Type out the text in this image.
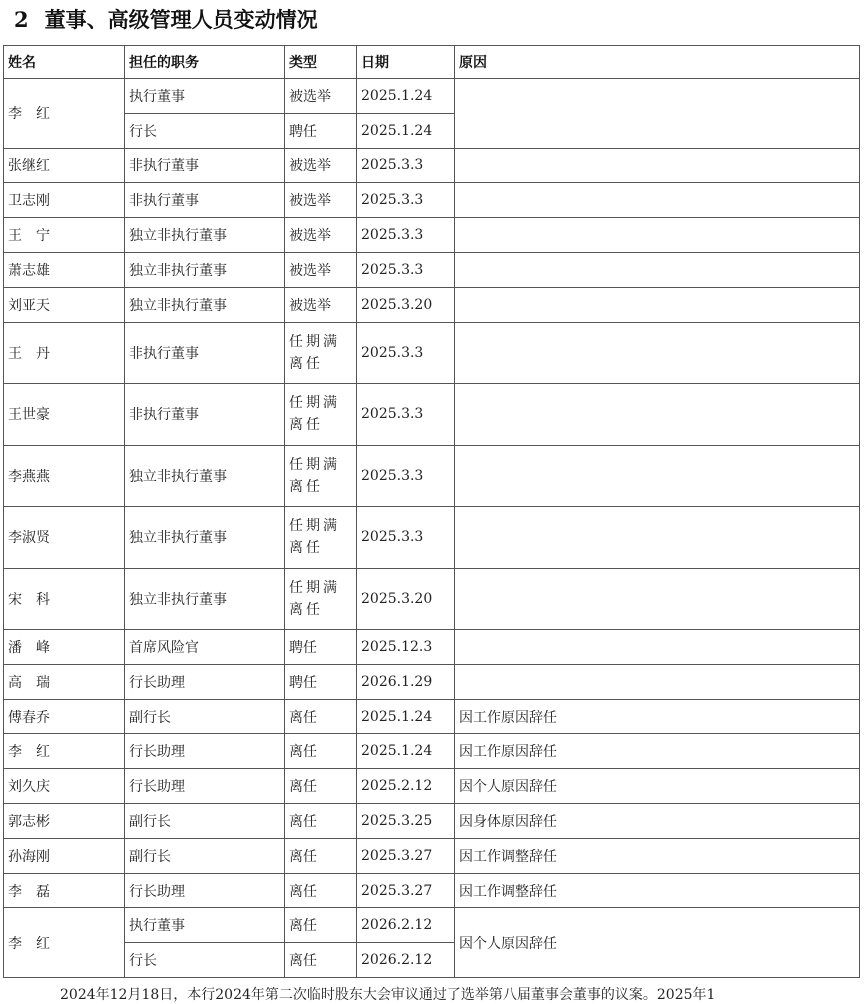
2 董事、高级管理人员变动情况
姓名	担任的职务	类型	日期	原因
李　红	执行董事	被选举	2025.1.24	
	行长	聘任	2025.1.24	
张继红	非执行董事	被选举	2025.3.3	
卫志刚	非执行董事	被选举	2025.3.3	
王　宁	独立非执行董事	被选举	2025.3.3	
萧志雄	独立非执行董事	被选举	2025.3.3	
刘亚天	独立非执行董事	被选举	2025.3.20	
王　丹	非执行董事	任期满离任	2025.3.3	
王世豪	非执行董事	任期满离任	2025.3.3	
李燕燕	独立非执行董事	任期满离任	2025.3.3	
李淑贤	独立非执行董事	任期满离任	2025.3.3	
宋　科	独立非执行董事	任期满离任	2025.3.20	
潘　峰	首席风险官	聘任	2025.12.3	
高　瑞	行长助理	聘任	2026.1.29	
傅春乔	副行长	离任	2025.1.24	因工作原因辞任
李　红	行长助理	离任	2025.1.24	因工作原因辞任
刘久庆	行长助理	离任	2025.2.12	因个人原因辞任
郭志彬	副行长	离任	2025.3.25	因身体原因辞任
孙海刚	副行长	离任	2025.3.27	因工作调整辞任
李　磊	行长助理	离任	2025.3.27	因工作调整辞任
李　红	执行董事	离任	2026.2.12	因个人原因辞任
	行长	离任	2026.2.12	
2024年12月18日，本行2024年第二次临时股东大会审议通过了选举第八届董事会董事的议案。2025年1
